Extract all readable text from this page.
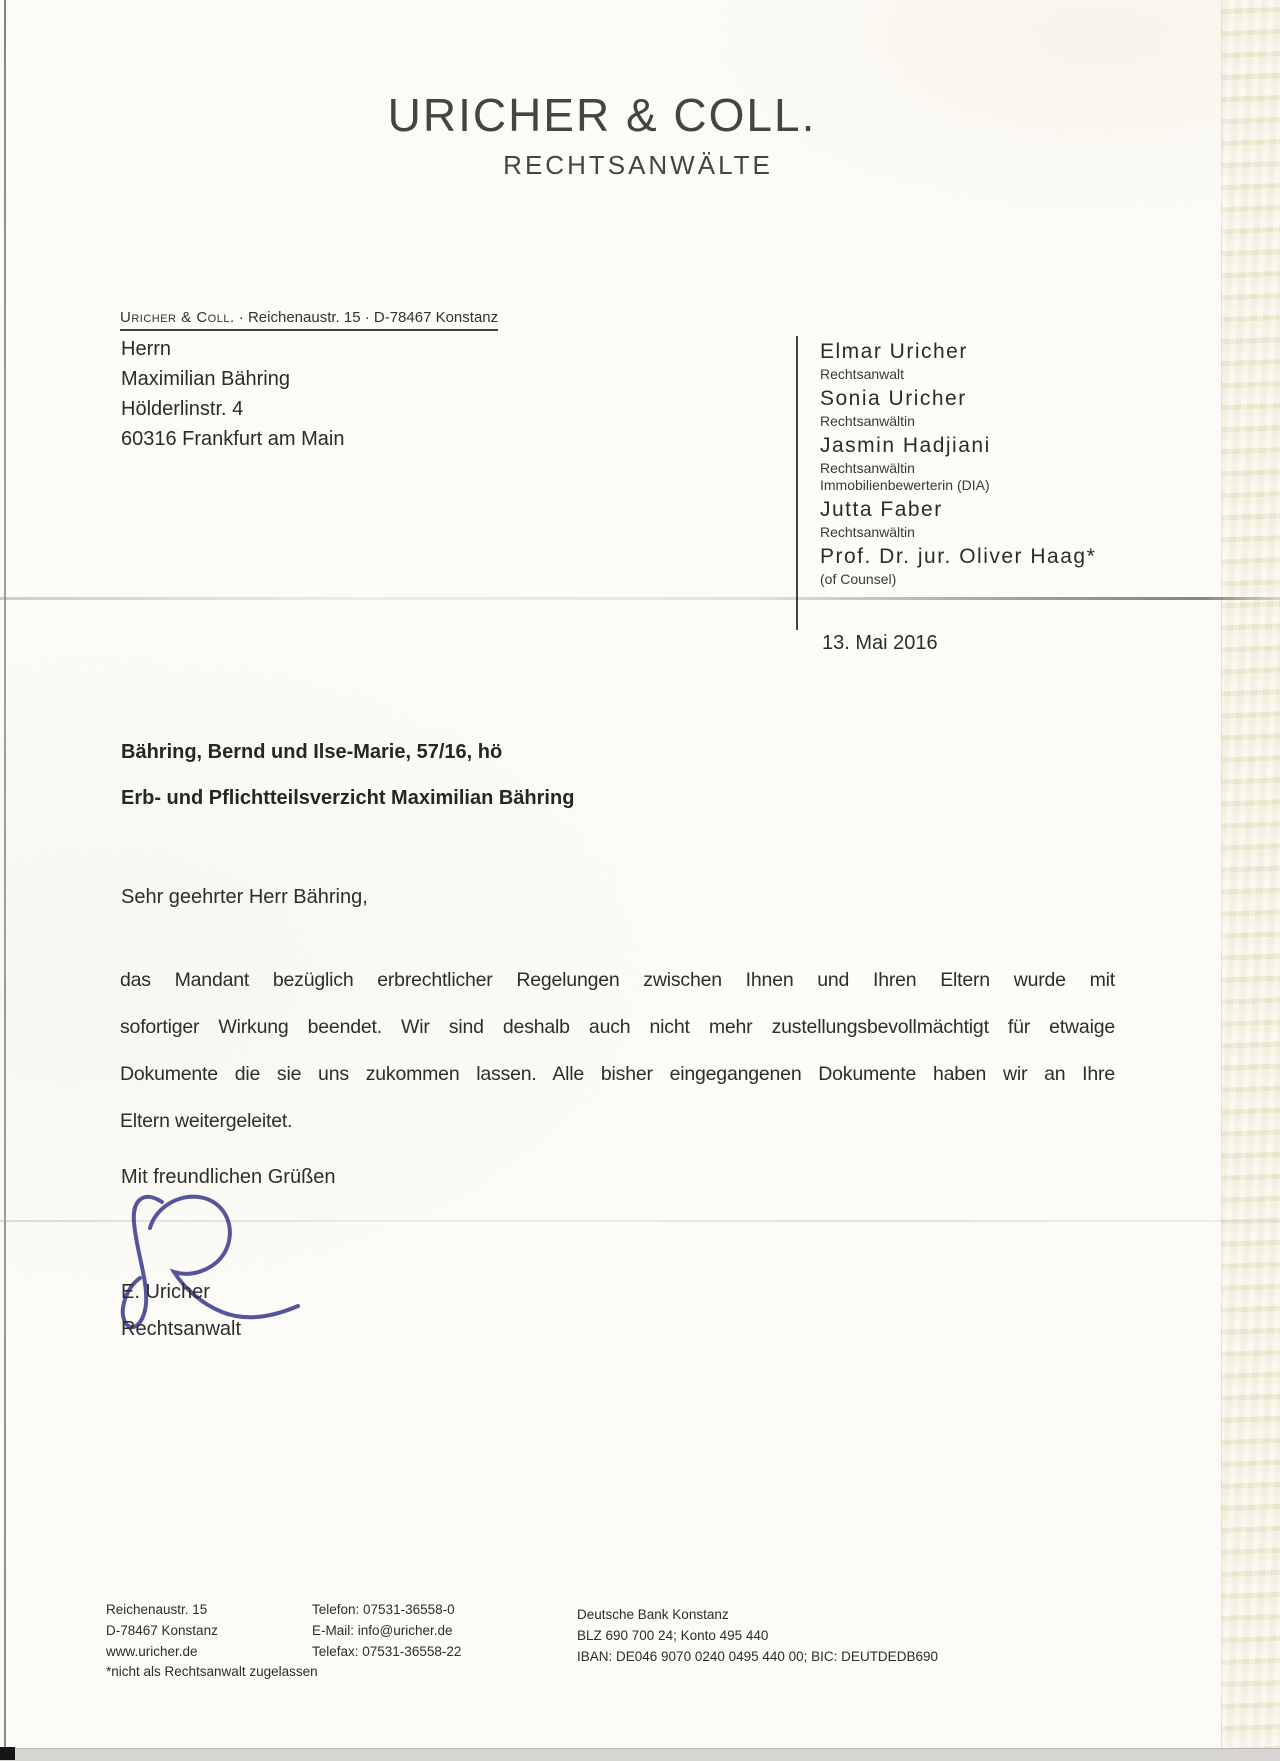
URICHER & COLL.
RECHTSANWÄLTE
Uricher & Coll. · Reichenaustr. 15 · D-78467 Konstanz
Herrn
Maximilian Bähring
Hölderlinstr. 4
60316 Frankfurt am Main
Elmar Uricher
Rechtsanwalt
Sonia Uricher
Rechtsanwältin
Jasmin Hadjiani
Rechtsanwältin
Immobilienbewerterin (DIA)
Jutta Faber
Rechtsanwältin
Prof. Dr. jur. Oliver Haag*
(of Counsel)
13. Mai 2016
Bähring, Bernd und Ilse-Marie, 57/16, hö
Erb- und Pflichtteilsverzicht Maximilian Bähring
Sehr geehrter Herr Bähring,
das Mandant bezüglich erbrechtlicher Regelungen zwischen Ihnen und Ihren Eltern wurde mit
sofortiger Wirkung beendet. Wir sind deshalb auch nicht mehr zustellungsbevollmächtigt für etwaige
Dokumente die sie uns zukommen lassen. Alle bisher eingegangenen Dokumente haben wir an Ihre
Eltern weitergeleitet.
Mit freundlichen Grüßen
E. Uricher
Rechtsanwalt
Reichenaustr. 15
D-78467 Konstanz
www.uricher.de
Telefon: 07531-36558-0
E-Mail: info@uricher.de
Telefax: 07531-36558-22
Deutsche Bank Konstanz
BLZ 690 700 24; Konto 495 440
IBAN: DE046 9070 0240 0495 440 00; BIC: DEUTDEDB690
*nicht als Rechtsanwalt zugelassen
